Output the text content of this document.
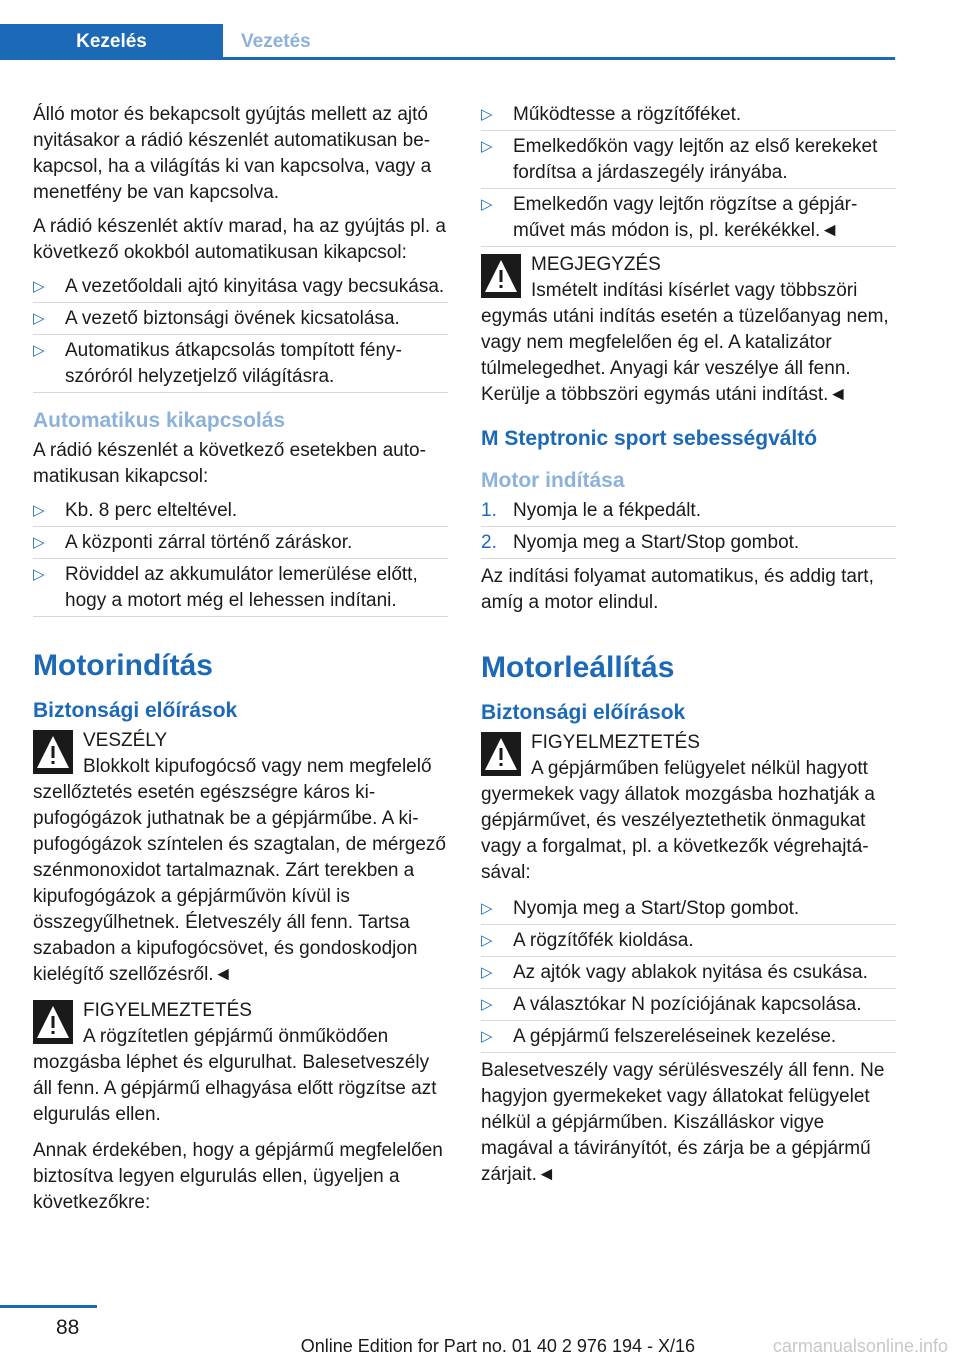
Kezelés	Vezetés

Álló motor és bekapcsolt gyújtás mellett az ajtó nyitásakor a rádió készenlét automatikusan bekapcsol, ha a világítás ki van kapcsolva, vagy a menetfény be van kapcsolva.

A rádió készenlét aktív marad, ha az gyújtás pl. a következő okokból automatikusan kikapcsol:

▷ A vezetőoldali ajtó kinyitása vagy becsukása.
▷ A vezető biztonsági övének kicsatolása.
▷ Automatikus átkapcsolás tompított fényszóróról helyzetjelző világításra.
Automatikus kikapcsolás

A rádió készenlét a következő esetekben automatikusan kikapcsol:

▷ Kb. 8 perc elteltével.
▷ A központi zárral történő záráskor.
▷ Röviddel az akkumulátor lemerülése előtt, hogy a motort még el lehessen indítani.
Motorindítás
Biztonsági előírások
VESZÉLY
Blokkolt kipufogócső vagy nem megfelelő szellőztetés esetén egészségre káros kipufogógázok juthatnak be a gépjárműbe. A kipufogógázok színtelen és szagtalan, de mérgező szénmonoxidot tartalmaznak. Zárt terekben a kipufogógázok a gépjárművön kívül is összegyűlhetnek. Életveszély áll fenn. Tartsa szabadon a kipufogócsövet, és gondoskodjon kielégítő szellőzésről.◄
FIGYELMEZTETÉS
A rögzítetlen gépjármű önműködően mozgásba léphet és elgurulhat. Balesetveszély áll fenn. A gépjármű elhagyása előtt rögzítse azt elgurulás ellen.

Annak érdekében, hogy a gépjármű megfelelően biztosítva legyen elgurulás ellen, ügyeljen a következőkre:

▷ Működtesse a rögzítőféket.
▷ Emelkedőkön vagy lejtőn az első kerekeket fordítsa a járdaszegély irányába.
▷ Emelkedőn vagy lejtőn rögzítse a gépjárművet más módon is, pl. kerékékkel.◄
MEGJEGYZÉS
Ismételt indítási kísérlet vagy többszöri egymás utáni indítás esetén a tüzelőanyag nem, vagy nem megfelelően ég el. A katalizátor túlmelegedhet. Anyagi kár veszélye áll fenn. Kerülje a többszöri egymás utáni indítást.◄
M Steptronic sport sebességváltó
Motor indítása
1. Nyomja le a fékpedált.
2. Nyomja meg a Start/Stop gombot.

Az indítási folyamat automatikus, és addig tart, amíg a motor elindul.

Motorleállítás
Biztonsági előírások
FIGYELMEZTETÉS
A gépjárműben felügyelet nélkül hagyott gyermekek vagy állatok mozgásba hozhatják a gépjárművet, és veszélyeztethetik önmagukat vagy a forgalmat, pl. a következők végrehajtásával:
▷ Nyomja meg a Start/Stop gombot.
▷ A rögzítőfék kioldása.
▷ Az ajtók vagy ablakok nyitása és csukása.
▷ A választókar N pozíciójának kapcsolása.
▷ A gépjármű felszereléseinek kezelése.

Balesetveszély vagy sérülésveszély áll fenn. Ne hagyjon gyermekeket vagy állatokat felügyelet nélkül a gépjárműben. Kiszálláskor vigye magával a távirányítót, és zárja be a gépjármű zárjait.◄

88
Online Edition for Part no. 01 40 2 976 194 - X/16	carmanualsonline.info
